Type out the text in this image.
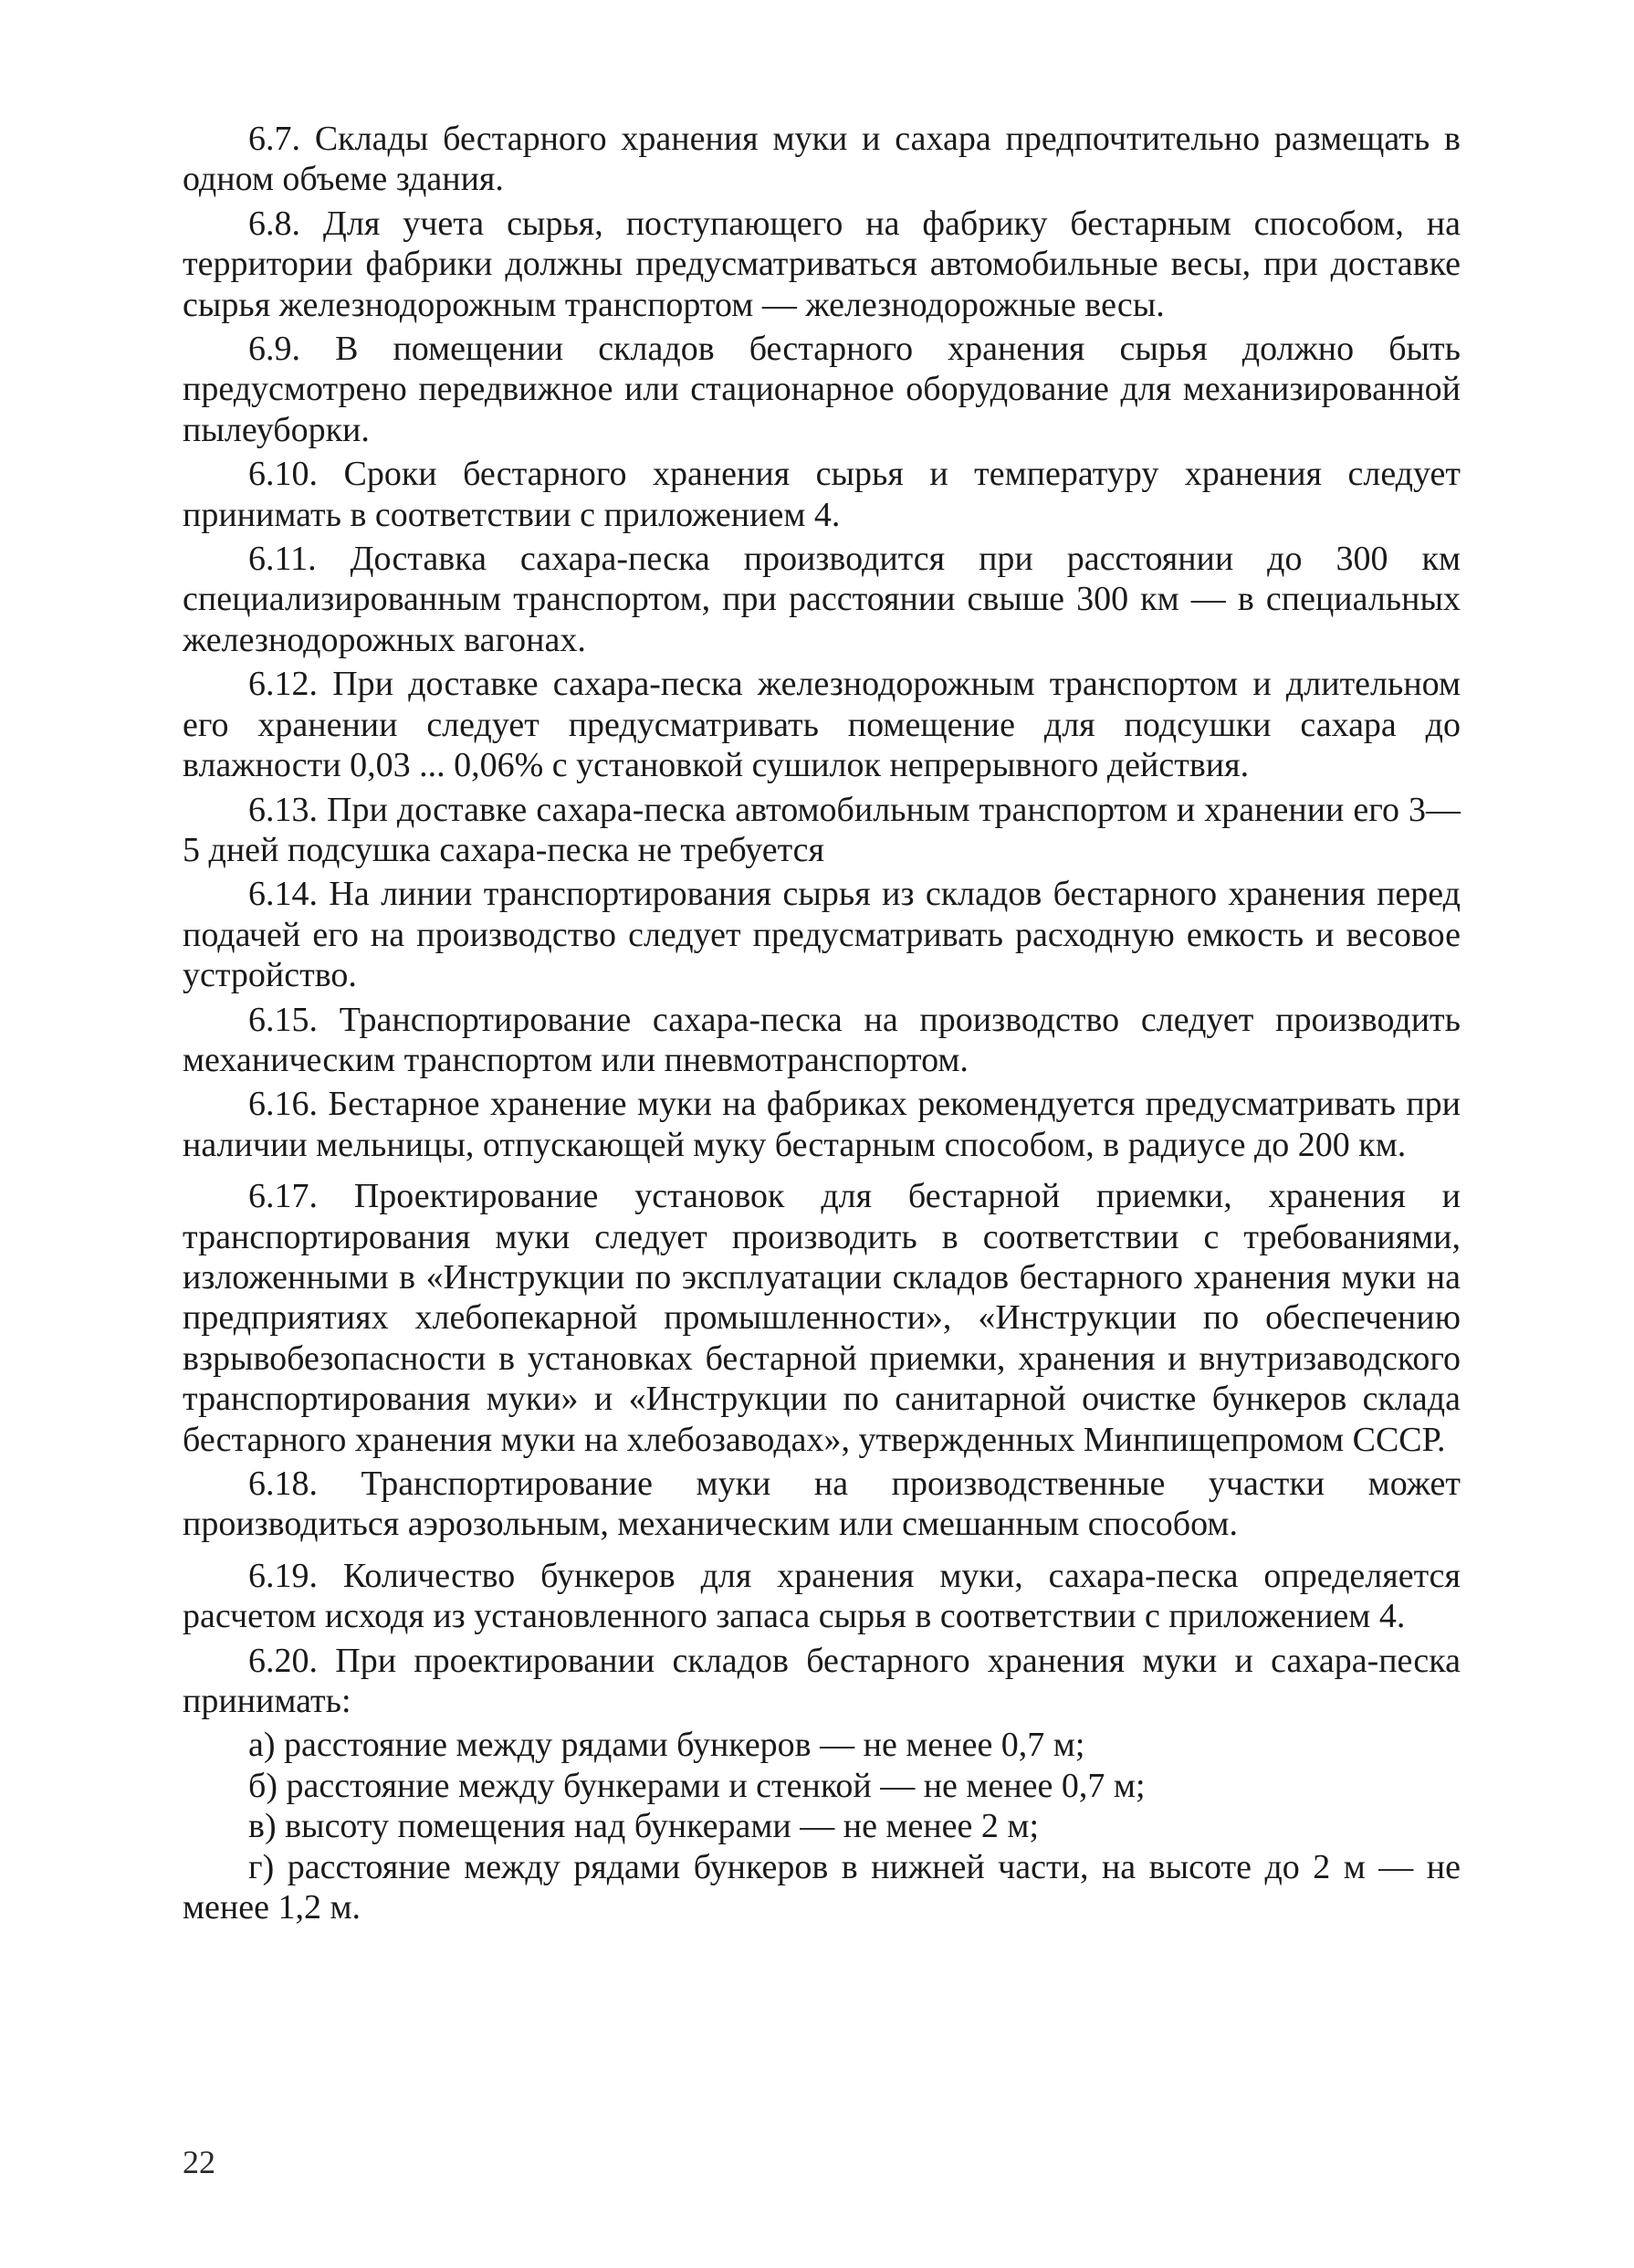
6.7. Склады бестарного хранения муки и сахара предпочтительно размещать в одном объеме здания.

6.8. Для учета сырья, поступающего на фабрику бестарным способом, на территории фабрики должны предусматриваться автомобильные весы, при доставке сырья железнодорожным транспортом — железнодорожные весы.

6.9. В помещении складов бестарного хранения сырья должно быть предусмотрено передвижное или стационарное оборудование для механизированной пылеуборки.

6.10. Сроки бестарного хранения сырья и температуру хранения следует принимать в соответствии с приложением 4.

6.11. Доставка сахара-песка производится при расстоянии до 300 км специализированным транспортом, при расстоянии свыше 300 км — в специальных железнодорожных вагонах.

6.12. При доставке сахара-песка железнодорожным транспортом и длительном его хранении следует предусматривать помещение для подсушки сахара до влажности 0,03 ... 0,06% с установкой сушилок непрерывного действия.

6.13. При доставке сахара-песка автомобильным транспортом и хранении его 3—5 дней подсушка сахара-песка не требуется

6.14. На линии транспортирования сырья из складов бестарного хранения перед подачей его на производство следует предусматривать расходную емкость и весовое устройство.

6.15. Транспортирование сахара-песка на производство следует производить механическим транспортом или пневмотранспортом.

6.16. Бестарное хранение муки на фабриках рекомендуется предусматривать при наличии мельницы, отпускающей муку бестарным способом, в радиусе до 200 км.

6.17. Проектирование установок для бестарной приемки, хранения и транспортирования муки следует производить в соответствии с требованиями, изложенными в «Инструкции по эксплуатации складов бестарного хранения муки на предприятиях хлебопекарной промышленности», «Инструкции по обеспечению взрывобезопасности в установках бестарной приемки, хранения и внутризаводского транспортирования муки» и «Инструкции по санитарной очистке бункеров склада бестарного хранения муки на хлебозаводах», утвержденных Минпищепромом СССР.

6.18. Транспортирование муки на производственные участки может производиться аэрозольным, механическим или смешанным способом.

6.19. Количество бункеров для хранения муки, сахара-песка определяется расчетом исходя из установленного запаса сырья в соответствии с приложением 4.

6.20. При проектировании складов бестарного хранения муки и сахара-песка принимать:

а) расстояние между рядами бункеров — не менее 0,7 м;

б) расстояние между бункерами и стенкой — не менее 0,7 м;

в) высоту помещения над бункерами — не менее 2 м;

г) расстояние между рядами бункеров в нижней части, на высоте до 2 м — не менее 1,2 м.

22
